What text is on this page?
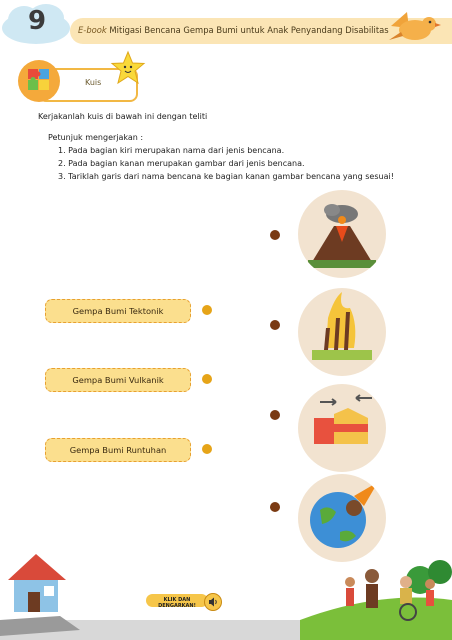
9	E-book Mitigasi Bencana Gempa Bumi untuk Anak Penyandang Disabilitas
Kuis
Kerjakanlah kuis di bawah ini dengan teliti
Petunjuk mengerjakan :
1. Pada bagian kiri merupakan nama dari jenis bencana.
2. Pada bagian kanan merupakan gambar dari jenis bencana.
3. Tariklah garis dari nama bencana ke bagian kanan gambar bencana yang sesuai!
Gempa Bumi Tektonik
Gempa Bumi Vulkanik
Gempa Bumi Runtuhan
KLIK DAN DENGARKAN!
